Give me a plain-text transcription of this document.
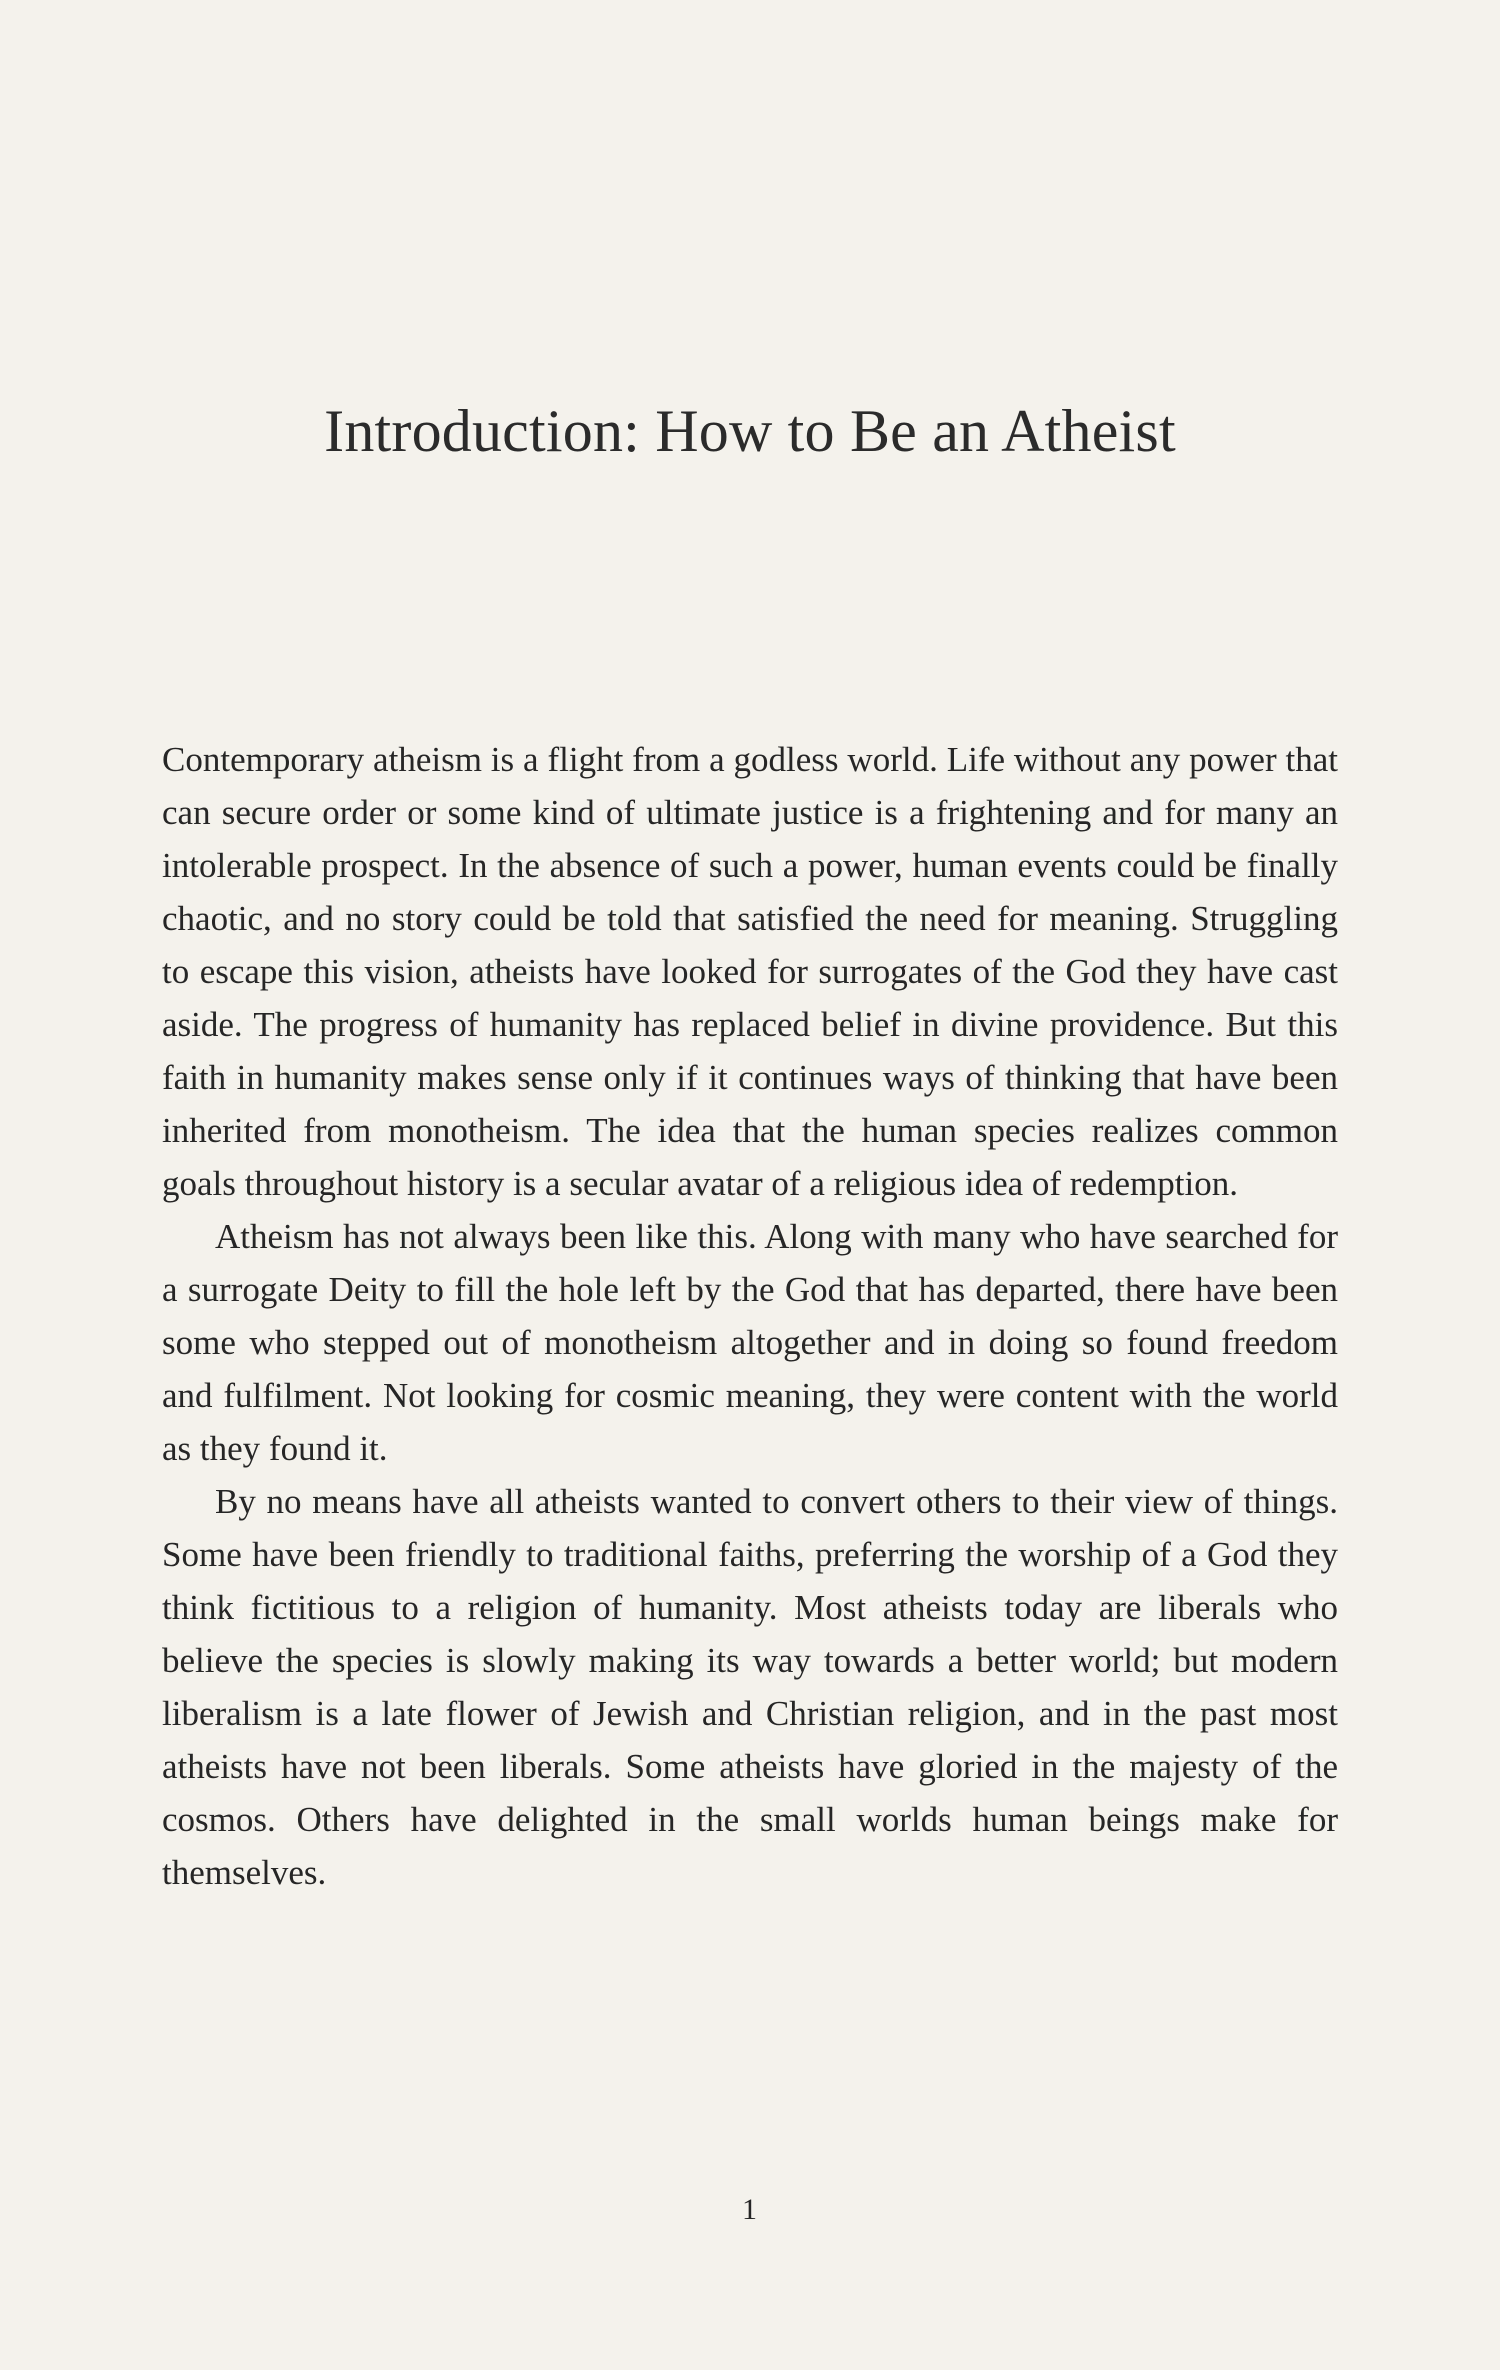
Introduction: How to Be an Atheist

Contemporary atheism is a flight from a godless world. Life without any power that can secure order or some kind of ultimate justice is a frightening and for many an intolerable prospect. In the absence of such a power, human events could be finally chaotic, and no story could be told that satisfied the need for meaning. Struggling to escape this vision, atheists have looked for surrogates of the God they have cast aside. The progress of humanity has replaced belief in divine providence. But this faith in humanity makes sense only if it continues ways of thinking that have been inherited from monotheism. The idea that the human species realizes common goals throughout history is a secular avatar of a religious idea of redemption.

Atheism has not always been like this. Along with many who have searched for a surrogate Deity to fill the hole left by the God that has departed, there have been some who stepped out of monotheism altogether and in doing so found freedom and fulfilment. Not looking for cosmic meaning, they were content with the world as they found it.

By no means have all atheists wanted to convert others to their view of things. Some have been friendly to traditional faiths, preferring the worship of a God they think fictitious to a religion of humanity. Most atheists today are liberals who believe the species is slowly making its way towards a better world; but modern liberalism is a late flower of Jewish and Christian religion, and in the past most atheists have not been liberals. Some atheists have gloried in the majesty of the cosmos. Others have delighted in the small worlds human beings make for themselves.

1
